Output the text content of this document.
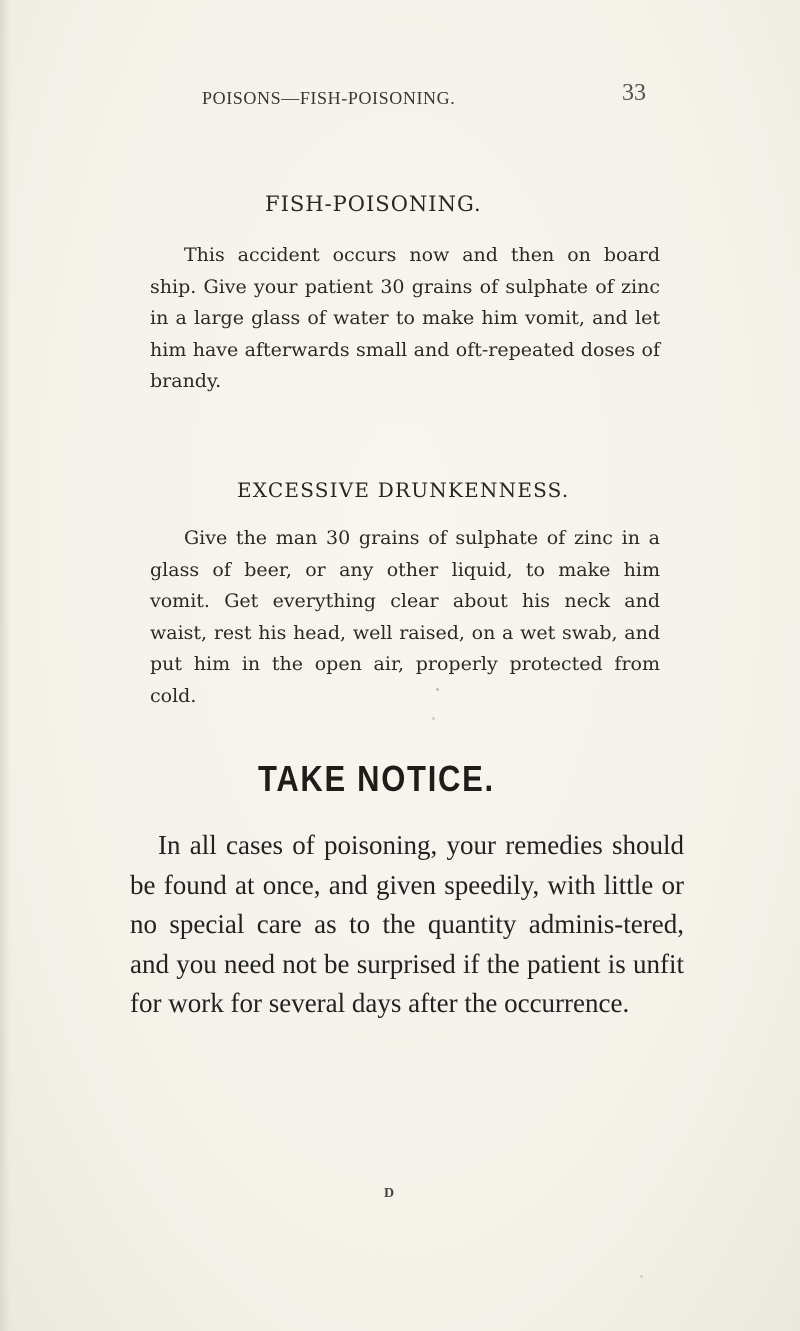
POISONS—FISH-POISONING.	33
FISH-POISONING.

This accident occurs now and then on board ship. Give your patient 30 grains of sulphate of zinc in a large glass of water to make him vomit, and let him have afterwards small and oft-repeated doses of brandy.

EXCESSIVE DRUNKENNESS.

Give the man 30 grains of sulphate of zinc in a glass of beer, or any other liquid, to make him vomit. Get everything clear about his neck and waist, rest his head, well raised, on a wet swab, and put him in the open air, properly protected from cold.

TAKE NOTICE.

In all cases of poisoning, your remedies should be found at once, and given speedily, with little or no special care as to the quantity adminis-tered, and you need not be surprised if the patient is unfit for work for several days after the occurrence.

D
